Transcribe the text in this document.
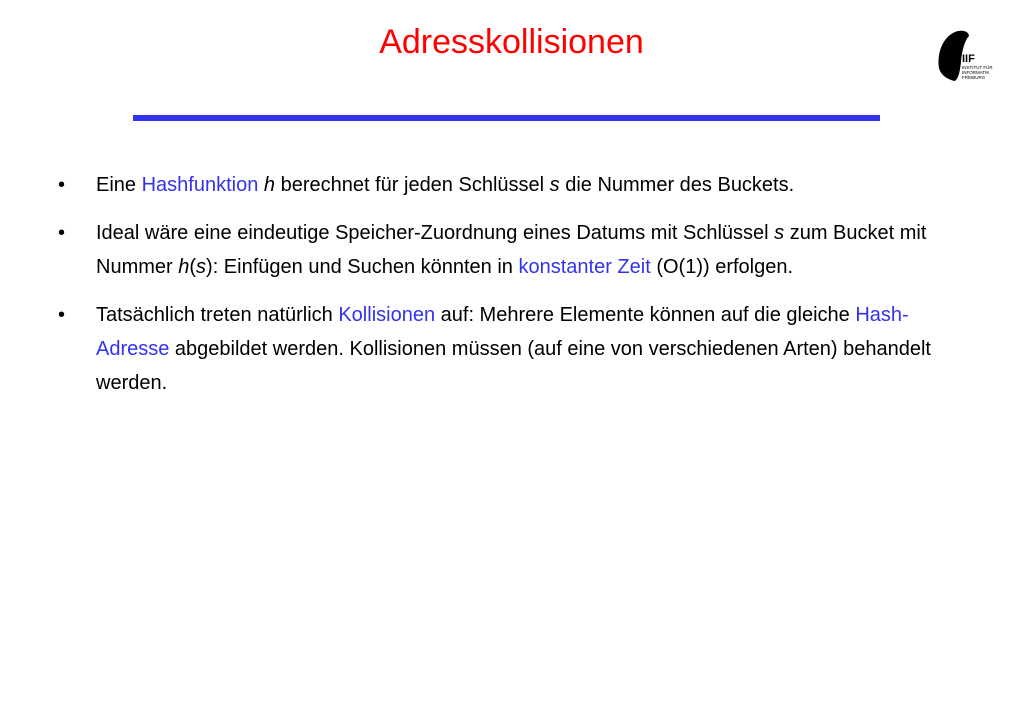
Adresskollisionen	IIF
INSTITUT FÜR
INFORMATIK
FREIBURG
• Eine Hashfunktion h berechnet für jeden Schlüssel s die Nummer des Buckets.
• Ideal wäre eine eindeutige Speicher-Zuordnung eines Datums mit Schlüssel s zum Bucket mit Nummer h(s): Einfügen und Suchen könnten in konstanter Zeit (O(1)) erfolgen.
• Tatsächlich treten natürlich Kollisionen auf: Mehrere Elemente können auf die gleiche Hash-Adresse abgebildet werden. Kollisionen müssen (auf eine von verschiedenen Arten) behandelt werden.
